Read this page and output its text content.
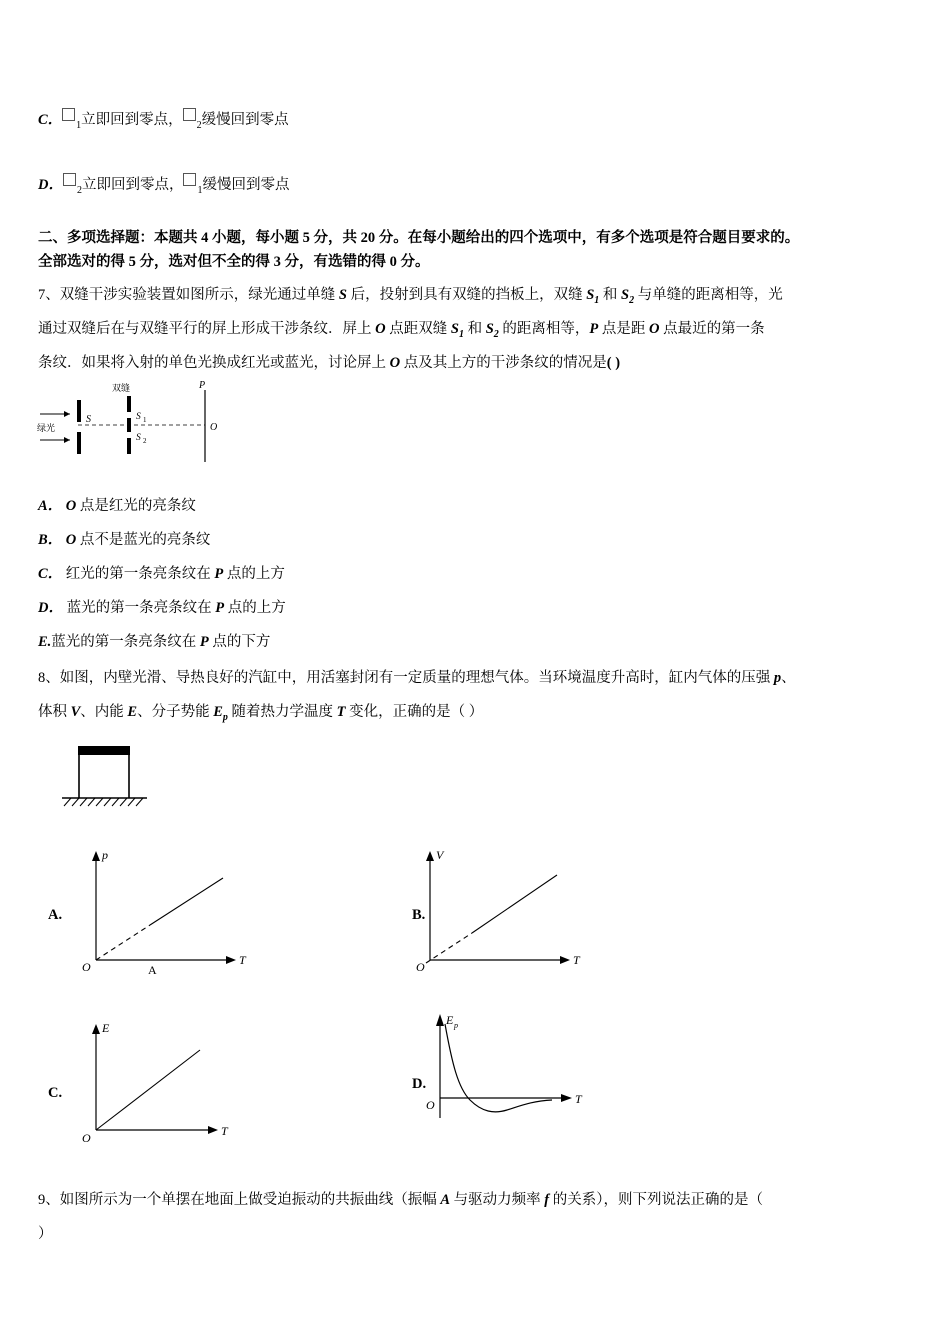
C． $_1$立即回到零点， $_2$缓慢回到零点
D． $_2$立即回到零点， $_1$缓慢回到零点
二、多项选择题：本题共 4 小题，每小题 5 分，共 20 分。在每小题给出的四个选项中，有多个选项是符合题目要求的。
全部选对的得 5 分，选对但不全的得 3 分，有选错的得 0 分。
7、双缝干涉实验装置如图所示，绿光通过单缝 S 后，投射到具有双缝的挡板上，双缝 $S_1$ 和 $S_2$ 与单缝的距离相等，光
通过双缝后在与双缝平行的屏上形成干涉条纹．屏上 O 点距双缝 $S_1$ 和 $S_2$ 的距离相等，P 点是距 O 点最近的第一条
条纹．如果将入射的单色光换成红光或蓝光，讨论屏上 O 点及其上方的干涉条纹的情况是( )
绿光
S
双缝
S 1
S 2
P
O
A． O 点是红光的亮条纹
B． O 点不是蓝光的亮条纹
C． 红光的第一条亮条纹在 P 点的上方
D． 蓝光的第一条亮条纹在 P 点的上方
E.蓝光的第一条亮条纹在 P 点的下方
8、如图，内壁光滑、导热良好的汽缸中，用活塞封闭有一定质量的理想气体。当环境温度升高时，缸内气体的压强 p、
体积 V、内能 E、分子势能 $E_p$ 随着热力学温度 T 变化，正确的是（ ）
A.
p
T
O	A
B.
V
T
O
C.
E
T
O
D.
E p
T
O
9、如图所示为一个单摆在地面上做受迫振动的共振曲线（振幅 A 与驱动力频率 f 的关系），则下列说法正确的是（
）
